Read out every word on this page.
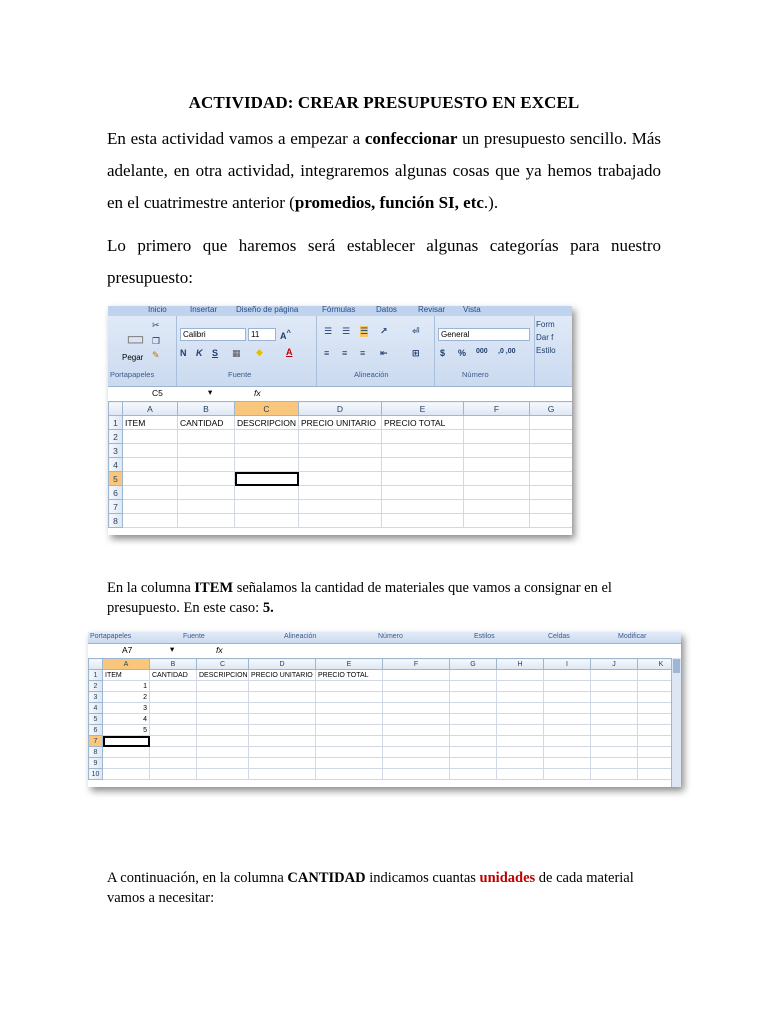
ACTIVIDAD: CREAR PRESUPUESTO EN EXCEL
En esta actividad vamos a empezar a confeccionar un presupuesto sencillo. Más adelante, en otra actividad, integraremos algunas cosas que ya hemos trabajado en el cuatrimestre anterior (promedios, función SI, etc.).
Lo primero que haremos será establecer algunas categorías para nuestro presupuesto:
Inicio	Insertar Diseño de página	Fórmulas	Datos	Revisar Vista
▭
✂
❐
✎
Pegar
Portapapeles
Calibri	11	A^
N K S ▦ ◆	A
Fuente
☰ ☰ ☰ ↗	⏎
≡ ≡ ≡ ⇤	⊞
Alineación
General
$ % 000 ,0 ,00
Número
Form
Dar f
Estilo
C5	▾	fx
	A	B	C	D	E	F	G
1	ITEM	CANTIDAD	DESCRIPCION	PRECIO UNITARIO	PRECIO TOTAL		
2							
3							
4							
5							
6							
7							
8							
En la columna ITEM señalamos la cantidad de materiales que vamos a consignar en el presupuesto. En este caso: 5.
Portapapeles	Fuente	Alineación	Número	Estilos	Celdas	Modificar
A7	▾	fx
	A	B	C	D	E	F	G	H	I	J	K
1	ITEM	CANTIDAD	DESCRIPCION	PRECIO UNITARIO	PRECIO TOTAL						
2	1										
3	2										
4	3										
5	4										
6	5										
7											
8											
9											
10											
A continuación, en la columna CANTIDAD indicamos cuantas unidades de cada material vamos a necesitar:
